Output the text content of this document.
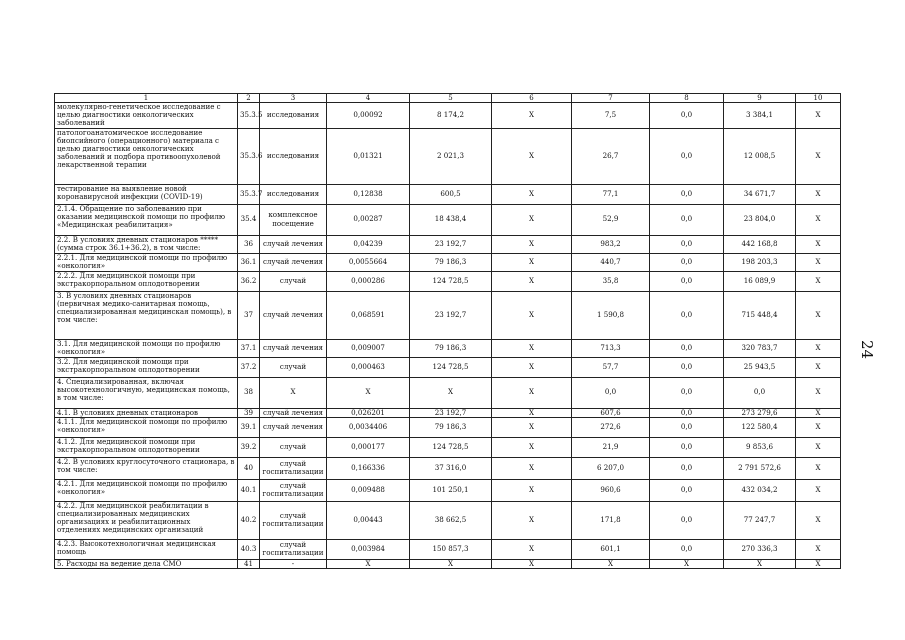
1	2	3	4	5	6	7	8	9	10
молекулярно-генетическое исследование с целью диагностики онкологических заболеваний	35.3.5	исследования	0,00092	8 174,2	Х	7,5	0,0	3 384,1	Х
патологоанатомическое исследование биопсийного (операционного) материала с целью диагностики онкологических заболеваний и подбора противоопухолевой лекарственной терапии	35.3.6	исследования	0,01321	2 021,3	Х	26,7	0,0	12 008,5	Х
тестирование на выявление новой коронавирусной инфекции (COVID-19)	35.3.7	исследования	0,12838	600,5	Х	77,1	0,0	34 671,7	Х
2.1.4. Обращение по заболеванию при оказании медицинской помощи по профилю «Медицинская реабилитация»	35.4	комплексное посещение	0,00287	18 438,4	Х	52,9	0,0	23 804,0	Х
2.2. В условиях дневных стационаров ***** (сумма строк 36.1+36.2), в том числе:	36	случай лечения	0,04239	23 192,7	Х	983,2	0,0	442 168,8	Х
2.2.1. Для медицинской помощи по профилю «онкология»	36.1	случай лечения	0,0055664	79 186,3	Х	440,7	0,0	198 203,3	Х
2.2.2. Для медицинской помощи при экстракорпоральном оплодотворении	36.2	случай	0,000286	124 728,5	Х	35,8	0,0	16 089,9	Х
3. В условиях дневных стационаров (первичная медико-санитарная помощь, специализированная медицинская помощь), в том числе:	37	случай лечения	0,068591	23 192,7	Х	1 590,8	0,0	715 448,4	Х
3.1. Для медицинской помощи по профилю «онкология»	37.1	случай лечения	0,009007	79 186,3	Х	713,3	0,0	320 783,7	Х
3.2. Для медицинской помощи при экстракорпоральном оплодотворении	37.2	случай	0,000463	124 728,5	Х	57,7	0,0	25 943,5	Х
4. Специализированная, включая высокотехнологичную, медицинская помощь, в том числе:	38	Х	Х	Х	Х	0,0	0,0	0,0	Х
4.1. В условиях дневных стационаров	39	случай лечения	0,026201	23 192,7	Х	607,6	0,0	273 279,6	Х
4.1.1. Для медицинской помощи по профилю «онкология»	39.1	случай лечения	0,0034406	79 186,3	Х	272,6	0,0	122 580,4	Х
4.1.2. Для медицинской помощи при экстракорпоральном оплодотворении	39.2	случай	0,000177	124 728,5	Х	21,9	0,0	9 853,6	Х
4.2. В условиях круглосуточного стационара, в том числе:	40	случай госпитализации	0,166336	37 316,0	Х	6 207,0	0,0	2 791 572,6	Х
4.2.1. Для медицинской помощи по профилю «онкология»	40.1	случай госпитализации	0,009488	101 250,1	Х	960,6	0,0	432 034,2	Х
4.2.2. Для медицинской реабилитации в специализированных медицинских организациях и реабилитационных отделениях медицинских организаций	40.2	случай госпитализации	0,00443	38 662,5	Х	171,8	0,0	77 247,7	Х
4.2.3. Высокотехнологичная медицинская помощь	40.3	случай госпитализации	0,003984	150 857,3	Х	601,1	0,0	270 336,3	Х
5. Расходы на ведение дела СМО	41	-	Х	Х	Х	Х	Х	Х	Х
24
